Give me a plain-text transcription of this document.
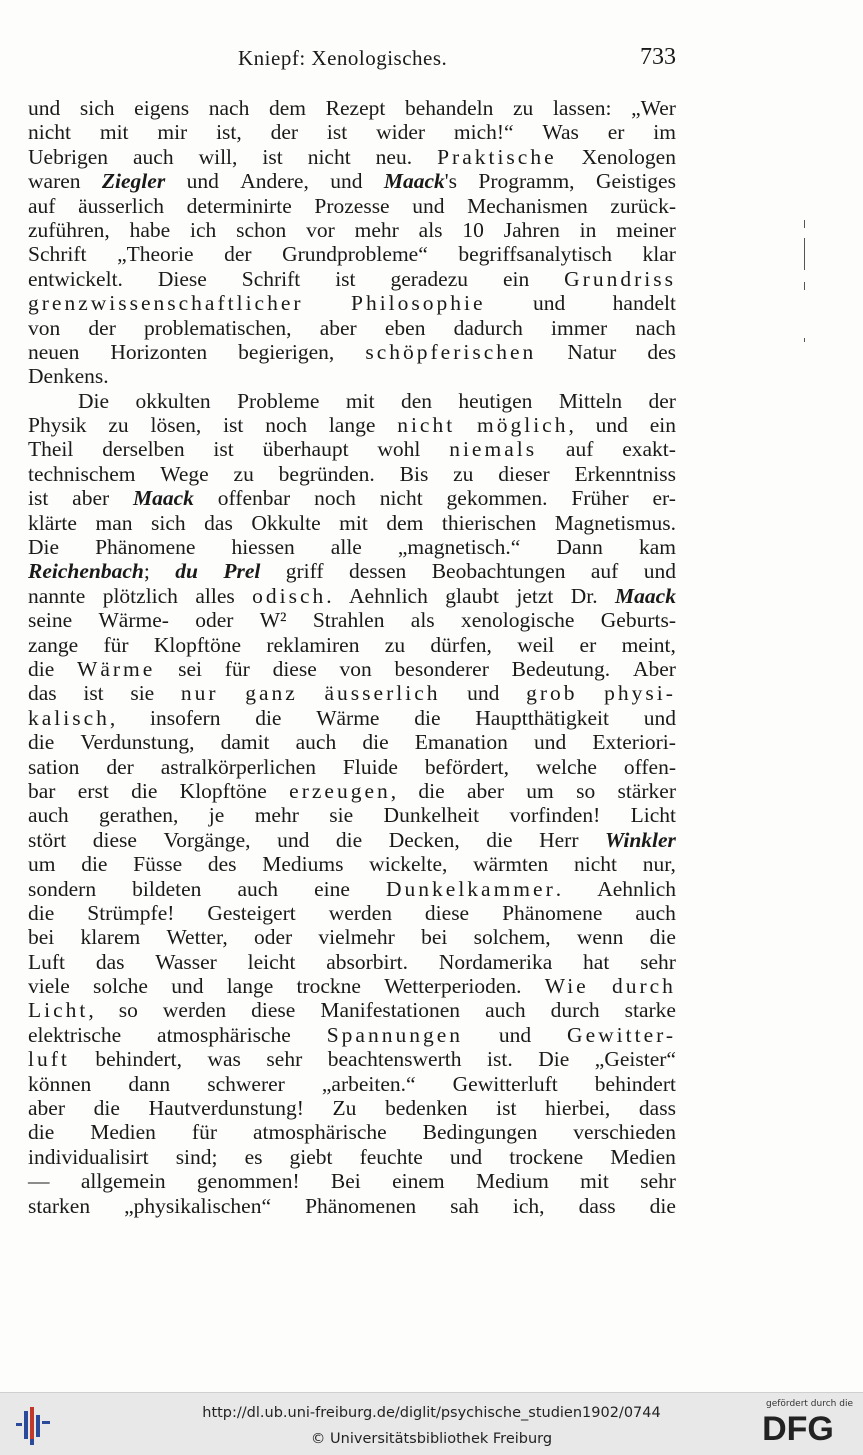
Kniepf: Xenologisches.	733
und sich eigens nach dem Rezept behandeln zu lassen: „Wer
nicht mit mir ist, der ist wider mich!“ Was er im
Uebrigen auch will, ist nicht neu. Praktische Xenologen
waren Ziegler und Andere, und Maack's Programm, Geistiges
auf äusserlich determinirte Prozesse und Mechanismen zurück-
zuführen, habe ich schon vor mehr als 10 Jahren in meiner
Schrift „Theorie der Grundprobleme“ begriffsanalytisch klar
entwickelt. Diese Schrift ist geradezu ein Grundriss
grenzwissenschaftlicher Philosophie und handelt
von der problematischen, aber eben dadurch immer nach
neuen Horizonten begierigen, schöpferischen Natur des
Denkens.
Die okkulten Probleme mit den heutigen Mitteln der
Physik zu lösen, ist noch lange nicht möglich, und ein
Theil derselben ist überhaupt wohl niemals auf exakt-
technischem Wege zu begründen. Bis zu dieser Erkenntniss
ist aber Maack offenbar noch nicht gekommen. Früher er-
klärte man sich das Okkulte mit dem thierischen Magnetismus.
Die Phänomene hiessen alle „magnetisch.“ Dann kam
Reichenbach; du Prel griff dessen Beobachtungen auf und
nannte plötzlich alles odisch. Aehnlich glaubt jetzt Dr. Maack
seine Wärme- oder W² Strahlen als xenologische Geburts-
zange für Klopftöne reklamiren zu dürfen, weil er meint,
die Wärme sei für diese von besonderer Bedeutung. Aber
das ist sie nur ganz äusserlich und grob physi-
kalisch, insofern die Wärme die Hauptthätigkeit und
die Verdunstung, damit auch die Emanation und Exteriori-
sation der astralkörperlichen Fluide befördert, welche offen-
bar erst die Klopftöne erzeugen, die aber um so stärker
auch gerathen, je mehr sie Dunkelheit vorfinden! Licht
stört diese Vorgänge, und die Decken, die Herr Winkler
um die Füsse des Mediums wickelte, wärmten nicht nur,
sondern bildeten auch eine Dunkelkammer. Aehnlich
die Strümpfe! Gesteigert werden diese Phänomene auch
bei klarem Wetter, oder vielmehr bei solchem, wenn die
Luft das Wasser leicht absorbirt. Nordamerika hat sehr
viele solche und lange trockne Wetterperioden. Wie durch
Licht, so werden diese Manifestationen auch durch starke
elektrische atmosphärische Spannungen und Gewitter-
luft behindert, was sehr beachtenswerth ist. Die „Geister“
können dann schwerer „arbeiten.“ Gewitterluft behindert
aber die Hautverdunstung! Zu bedenken ist hierbei, dass
die Medien für atmosphärische Bedingungen verschieden
individualisirt sind; es giebt feuchte und trockene Medien
— allgemein genommen! Bei einem Medium mit sehr
starken „physikalischen“ Phänomenen sah ich, dass die
http://dl.ub.uni-freiburg.de/diglit/psychische_studien1902/0744
© Universitätsbibliothek Freiburg
gefördert durch die
DFG
